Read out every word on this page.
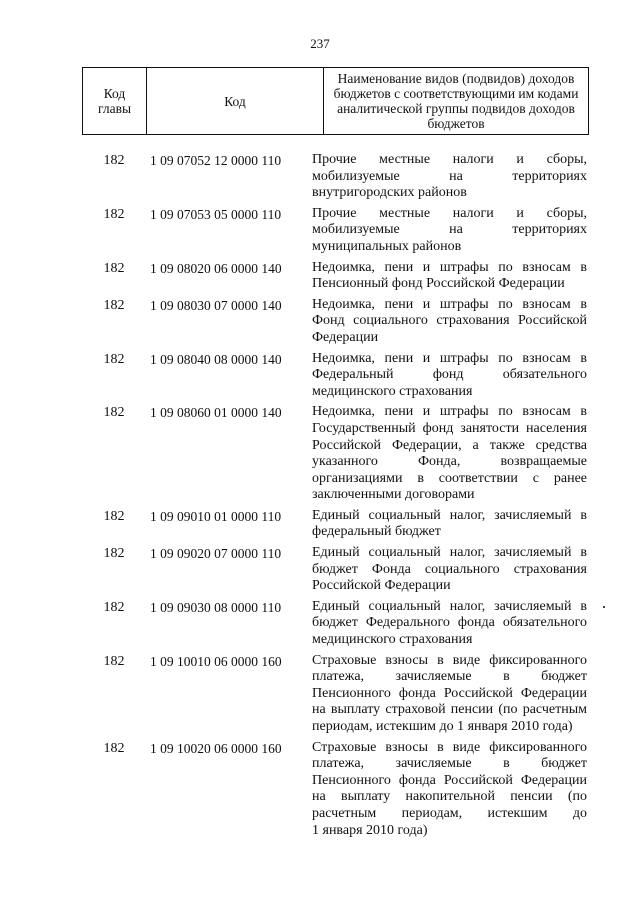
237
Код главы	Код	Наименование видов (подвидов) доходов бюджетов с соответствующими им кодами аналитической группы подвидов доходов бюджетов
182	1 09 07052 12 0000 110	Прочие местные налоги и сборы,
мобилизуемые на территориях
внутригородских районов
182	1 09 07053 05 0000 110	Прочие местные налоги и сборы,
мобилизуемые на территориях
муниципальных районов
182	1 09 08020 06 0000 140	Недоимка, пени и штрафы по взносам в
Пенсионный фонд Российской Федерации
182	1 09 08030 07 0000 140	Недоимка, пени и штрафы по взносам в
Фонд социального страхования Российской
Федерации
182	1 09 08040 08 0000 140	Недоимка, пени и штрафы по взносам в
Федеральный фонд обязательного
медицинского страхования
182	1 09 08060 01 0000 140	Недоимка, пени и штрафы по взносам в
Государственный фонд занятости населения
Российской Федерации, а также средства
указанного Фонда, возвращаемые
организациями в соответствии с ранее
заключенными договорами
182	1 09 09010 01 0000 110	Единый социальный налог, зачисляемый в
федеральный бюджет
182	1 09 09020 07 0000 110	Единый социальный налог, зачисляемый в
бюджет Фонда социального страхования
Российской Федерации
182	1 09 09030 08 0000 110	Единый социальный налог, зачисляемый в
бюджет Федерального фонда обязательного
медицинского страхования
182	1 09 10010 06 0000 160	Страховые взносы в виде фиксированного
платежа, зачисляемые в бюджет
Пенсионного фонда Российской Федерации
на выплату страховой пенсии (по расчетным
периодам, истекшим до 1 января 2010 года)
182	1 09 10020 06 0000 160	Страховые взносы в виде фиксированного
платежа, зачисляемые в бюджет
Пенсионного фонда Российской Федерации
на выплату накопительной пенсии (по
расчетным периодам, истекшим до
1 января 2010 года)
